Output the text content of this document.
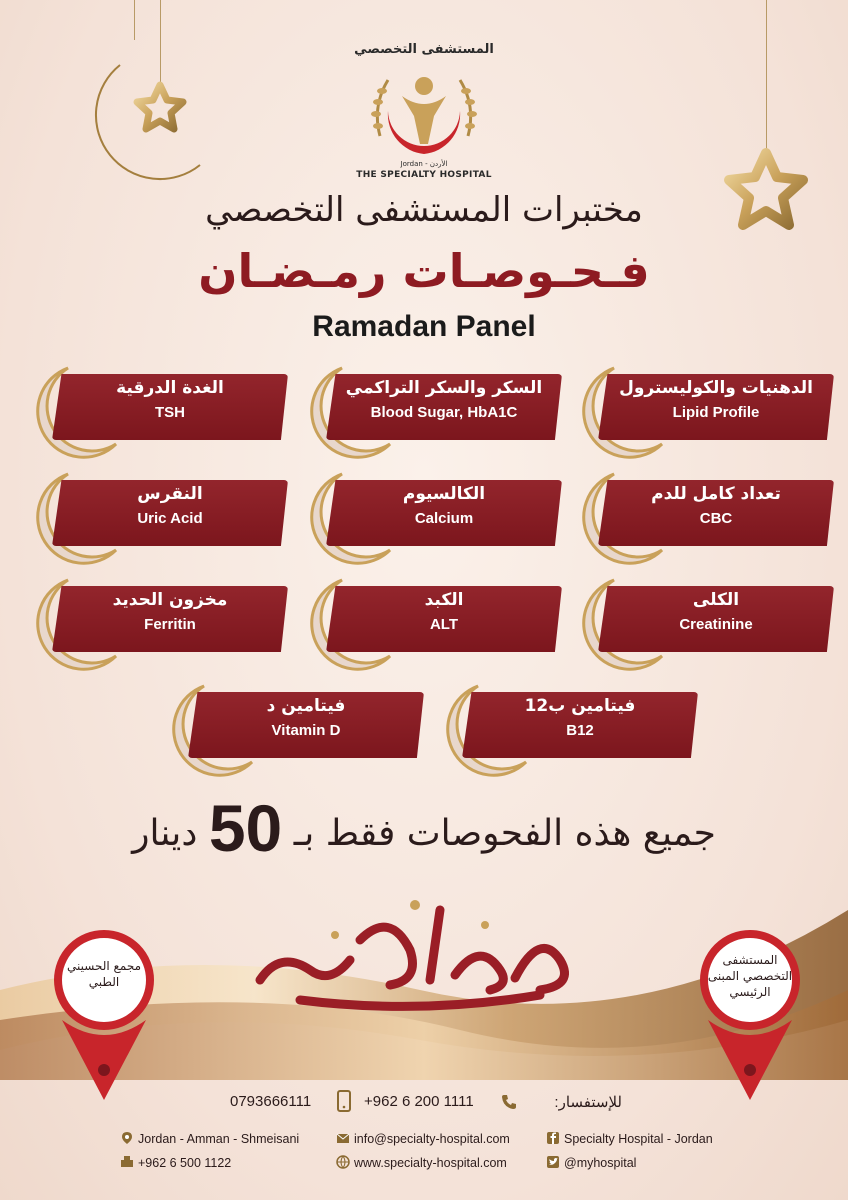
المستشفى التخصصي
Jordan - الأردن
THE SPECIALTY HOSPITAL
مختبرات المستشفى التخصصي
فـحـوصـات رمـضـان
Ramadan Panel
الدهنيات والكوليسترول
Lipid Profile
السكر والسكر التراكمي
Blood Sugar, HbA1C
الغدة الدرقية
TSH
تعداد كامل للدم
CBC
الكالسيوم
Calcium
النقرس
Uric Acid
الكلى
Creatinine
الكبد
ALT
مخزون الحديد
Ferritin
فيتامين ب12
B12
فيتامين د
Vitamin D
جميع هذه الفحوصات فقط بـ 50 دينار
مجمع الحسيني الطبي
المستشفى التخصصي المبنى الرئيسي
للإستفسار:
+962 6 200 1111
0793666111
Jordan - Amman - Shmeisani	info@specialty-hospital.com	Specialty Hospital - Jordan
+962 6 500 1122	www.specialty-hospital.com	@myhospital
